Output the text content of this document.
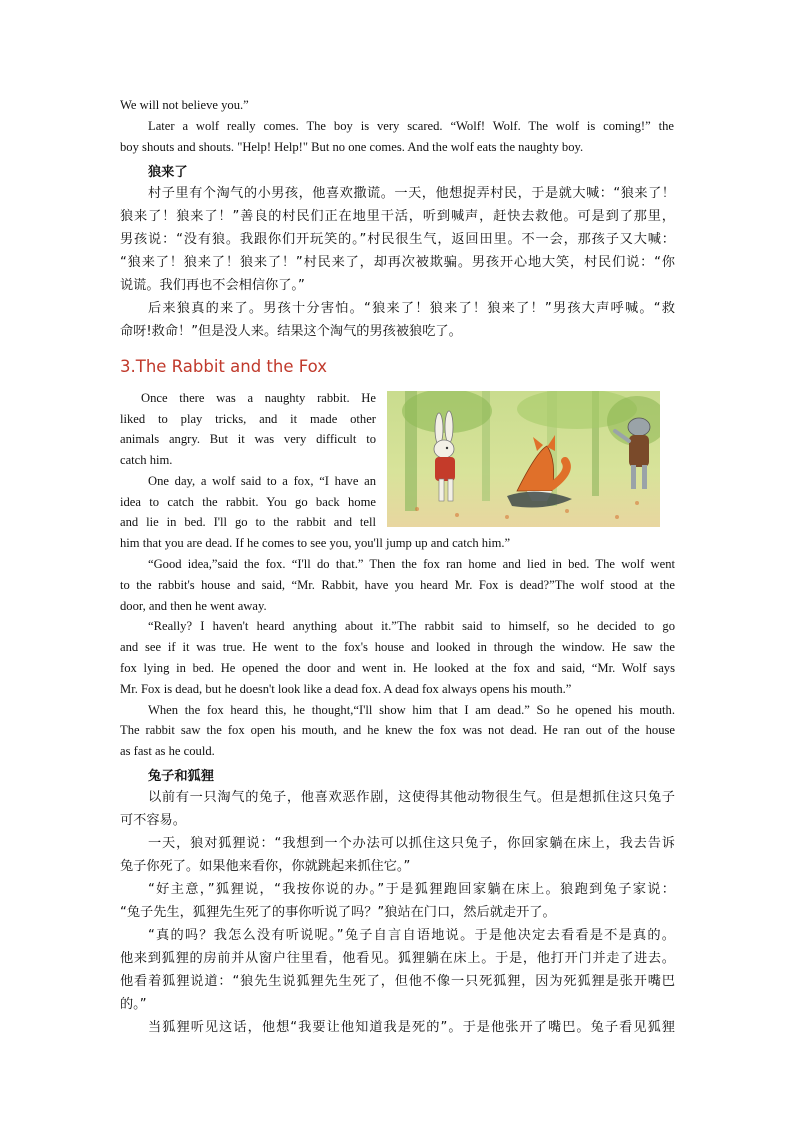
We will not believe you.”
Later a wolf really comes. The boy is very scared. “Wolf! Wolf. The wolf is coming!” the
boy shouts and shouts. "Help! Help!" But no one comes. And the wolf eats the naughty boy.
狼来了
村子里有个淘气的小男孩，他喜欢撒谎。一天，他想捉弄村民，于是就大喊：“狼来了！
狼来了！狼来了！”善良的村民们正在地里干活，听到喊声，赶快去救他。可是到了那里，
男孩说：“没有狼。我跟你们开玩笑的。”村民很生气，返回田里。不一会，那孩子又大喊：
“狼来了！狼来了！狼来了！”村民来了，却再次被欺骗。男孩开心地大笑，村民们说：“你
说谎。我们再也不会相信你了。”
后来狼真的来了。男孩十分害怕。“狼来了！狼来了！狼来了！”男孩大声呼喊。“救
命呀!救命！”但是没人来。结果这个淘气的男孩被狼吃了。
3.The Rabbit and the Fox
Once there was a naughty rabbit. He
liked to play tricks, and it made other
animals angry. But it was very difficult to
catch him.
One day, a wolf said to a fox, “I have an
idea to catch the rabbit. You go back home
and lie in bed. I'll go to the rabbit and tell
him that you are dead. If he comes to see you, you'll jump up and catch him.”
“Good idea,”said the fox. “I'll do that.” Then the fox ran home and lied in bed. The wolf went
to the rabbit's house and said, “Mr. Rabbit, have you heard Mr. Fox is dead?”The wolf stood at the
door, and then he went away.
“Really? I haven't heard anything about it.”The rabbit said to himself, so he decided to go
and see if it was true. He went to the fox's house and looked in through the window. He saw the
fox lying in bed. He opened the door and went in. He looked at the fox and said, “Mr. Wolf says
Mr. Fox is dead, but he doesn't look like a dead fox. A dead fox always opens his mouth.”
When the fox heard this, he thought,“I'll show him that I am dead.” So he opened his mouth.
The rabbit saw the fox open his mouth, and he knew the fox was not dead. He ran out of the house
as fast as he could.
兔子和狐狸
以前有一只淘气的兔子，他喜欢恶作剧，这使得其他动物很生气。但是想抓住这只兔子
可不容易。
一天，狼对狐狸说：“我想到一个办法可以抓住这只兔子，你回家躺在床上，我去告诉
兔子你死了。如果他来看你，你就跳起来抓住它。”
“好主意，”狐狸说，“我按你说的办。”于是狐狸跑回家躺在床上。狼跑到兔子家说：
“兔子先生，狐狸先生死了的事你听说了吗？”狼站在门口，然后就走开了。
“真的吗？我怎么没有听说呢。”兔子自言自语地说。于是他决定去看看是不是真的。
他来到狐狸的房前并从窗户往里看，他看见。狐狸躺在床上。于是，他打开门并走了进去。
他看着狐狸说道：“狼先生说狐狸先生死了，但他不像一只死狐狸，因为死狐狸是张开嘴巴
的。”
当狐狸听见这话，他想“我要让他知道我是死的”。于是他张开了嘴巴。兔子看见狐狸
